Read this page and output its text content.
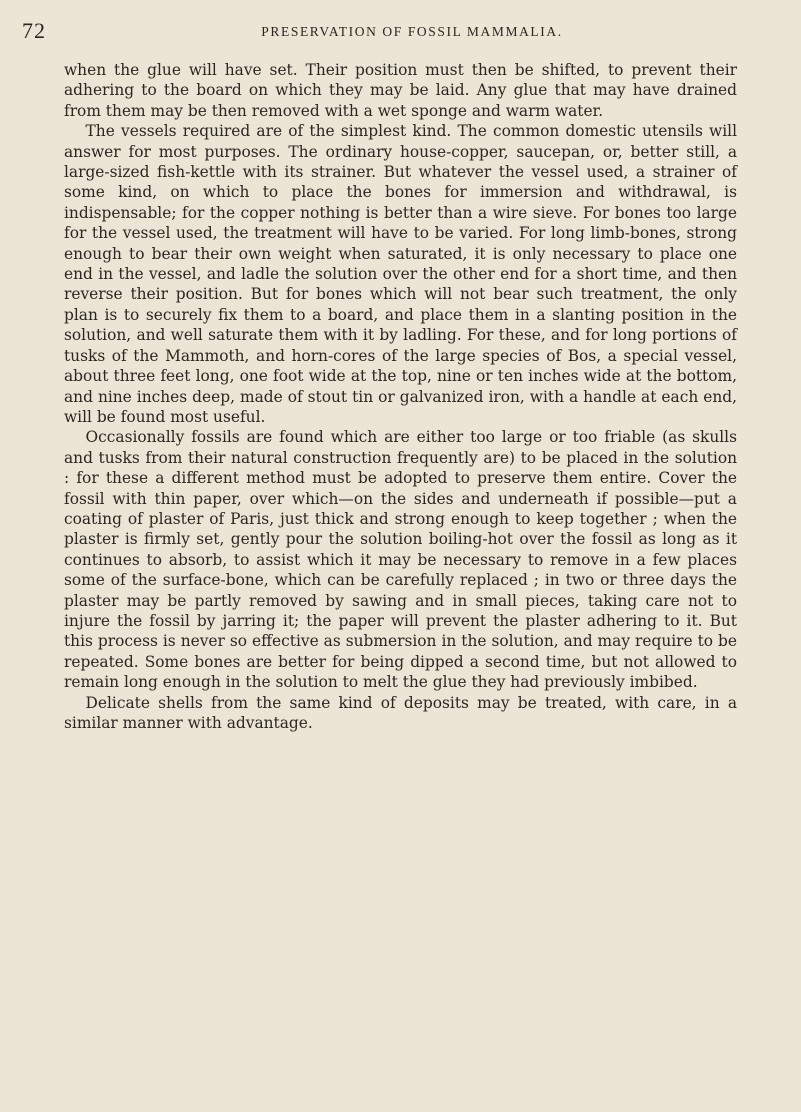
72	PRESERVATION OF FOSSIL MAMMALIA.

when the glue will have set. Their position must then be shifted, to prevent their adhering to the board on which they may be laid. Any glue that may have drained from them may be then removed with a wet sponge and warm water.

The vessels required are of the simplest kind. The common domestic utensils will answer for most purposes. The ordinary house-copper, saucepan, or, better still, a large-sized fish-kettle with its strainer. But whatever the vessel used, a strainer of some kind, on which to place the bones for immersion and withdrawal, is indispensable; for the copper nothing is better than a wire sieve. For bones too large for the vessel used, the treatment will have to be varied. For long limb-bones, strong enough to bear their own weight when saturated, it is only necessary to place one end in the vessel, and ladle the solution over the other end for a short time, and then reverse their position. But for bones which will not bear such treatment, the only plan is to securely fix them to a board, and place them in a slanting position in the solution, and well saturate them with it by ladling. For these, and for long portions of tusks of the Mammoth, and horn-cores of the large species of Bos, a special vessel, about three feet long, one foot wide at the top, nine or ten inches wide at the bottom, and nine inches deep, made of stout tin or galvanized iron, with a handle at each end, will be found most useful.

Occasionally fossils are found which are either too large or too friable (as skulls and tusks from their natural construction frequently are) to be placed in the solution : for these a different method must be adopted to preserve them entire. Cover the fossil with thin paper, over which—on the sides and underneath if possible—put a coating of plaster of Paris, just thick and strong enough to keep together ; when the plaster is firmly set, gently pour the solution boiling-hot over the fossil as long as it continues to absorb, to assist which it may be necessary to remove in a few places some of the surface-bone, which can be carefully replaced ; in two or three days the plaster may be partly removed by sawing and in small pieces, taking care not to injure the fossil by jarring it; the paper will prevent the plaster adhering to it. But this process is never so effective as submersion in the solution, and may require to be repeated. Some bones are better for being dipped a second time, but not allowed to remain long enough in the solution to melt the glue they had previously imbibed.

Delicate shells from the same kind of deposits may be treated, with care, in a similar manner with advantage.
